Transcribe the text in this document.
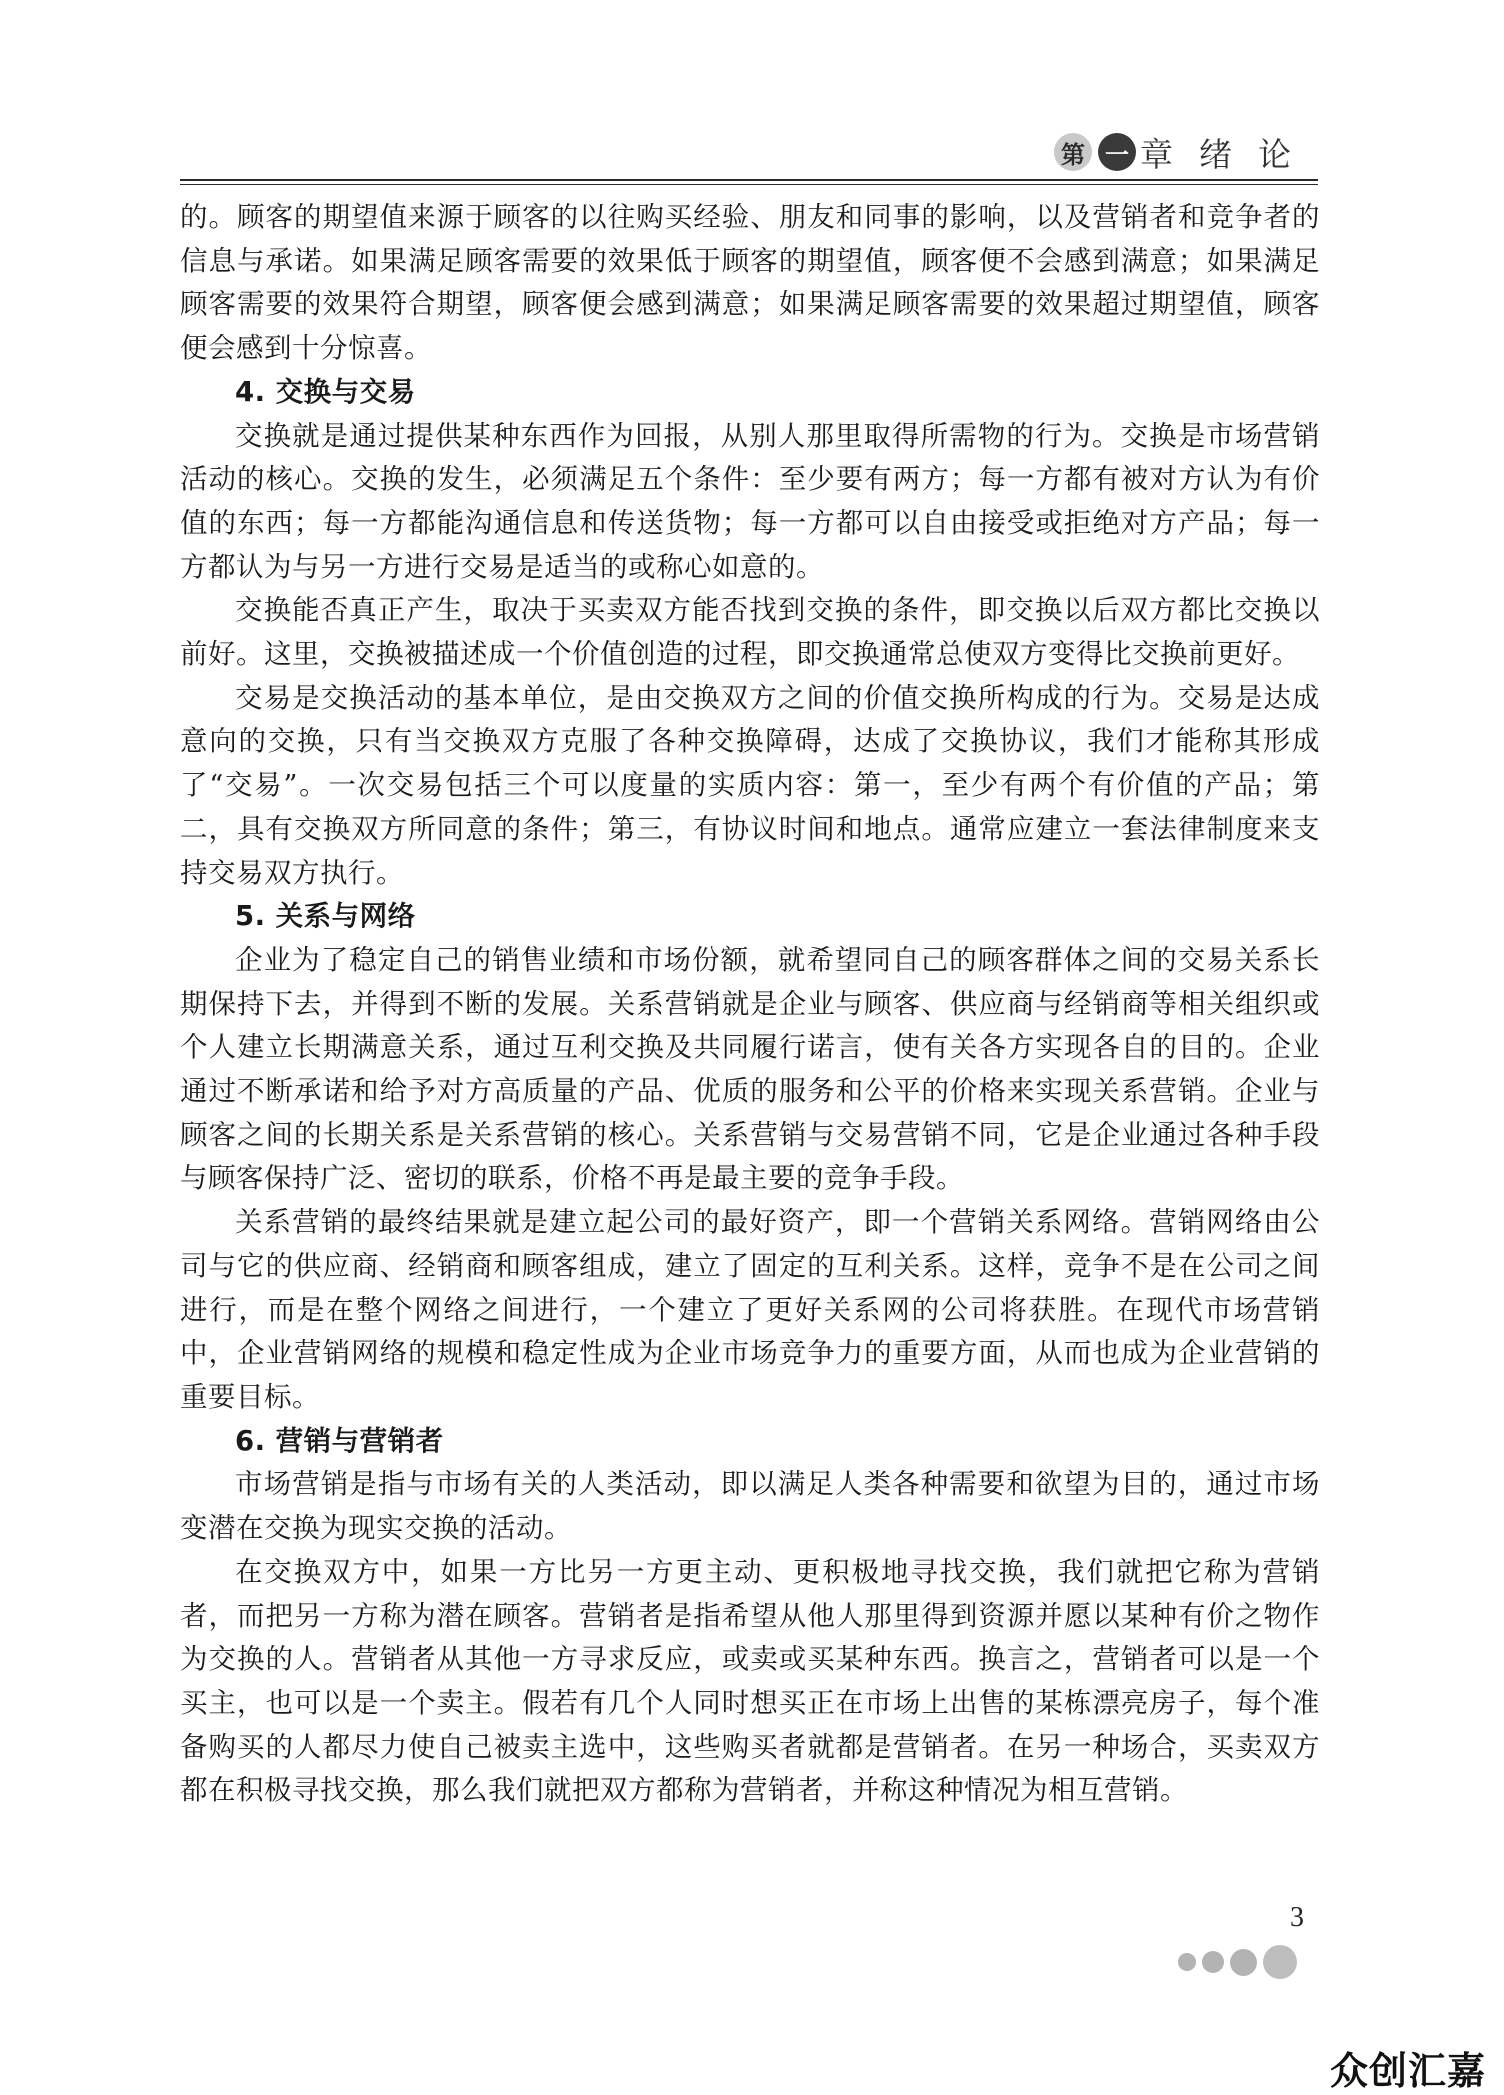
第 一 章 绪 论

的。顾客的期望值来源于顾客的以往购买经验、朋友和同事的影响，以及营销者和竞争者的信息与承诺。如果满足顾客需要的效果低于顾客的期望值，顾客便不会感到满意；如果满足顾客需要的效果符合期望，顾客便会感到满意；如果满足顾客需要的效果超过期望值，顾客便会感到十分惊喜。

4. 交换与交易

交换就是通过提供某种东西作为回报，从别人那里取得所需物的行为。交换是市场营销活动的核心。交换的发生，必须满足五个条件：至少要有两方；每一方都有被对方认为有价值的东西；每一方都能沟通信息和传送货物；每一方都可以自由接受或拒绝对方产品；每一方都认为与另一方进行交易是适当的或称心如意的。

交换能否真正产生，取决于买卖双方能否找到交换的条件，即交换以后双方都比交换以前好。这里，交换被描述成一个价值创造的过程，即交换通常总使双方变得比交换前更好。

交易是交换活动的基本单位，是由交换双方之间的价值交换所构成的行为。交易是达成意向的交换，只有当交换双方克服了各种交换障碍，达成了交换协议，我们才能称其形成了“交易”。一次交易包括三个可以度量的实质内容：第一，至少有两个有价值的产品；第二，具有交换双方所同意的条件；第三，有协议时间和地点。通常应建立一套法律制度来支持交易双方执行。

5. 关系与网络

企业为了稳定自己的销售业绩和市场份额，就希望同自己的顾客群体之间的交易关系长期保持下去，并得到不断的发展。关系营销就是企业与顾客、供应商与经销商等相关组织或个人建立长期满意关系，通过互利交换及共同履行诺言，使有关各方实现各自的目的。企业通过不断承诺和给予对方高质量的产品、优质的服务和公平的价格来实现关系营销。企业与顾客之间的长期关系是关系营销的核心。关系营销与交易营销不同，它是企业通过各种手段与顾客保持广泛、密切的联系，价格不再是最主要的竞争手段。

关系营销的最终结果就是建立起公司的最好资产，即一个营销关系网络。营销网络由公司与它的供应商、经销商和顾客组成，建立了固定的互利关系。这样，竞争不是在公司之间进行，而是在整个网络之间进行，一个建立了更好关系网的公司将获胜。在现代市场营销中，企业营销网络的规模和稳定性成为企业市场竞争力的重要方面，从而也成为企业营销的重要目标。

6. 营销与营销者

市场营销是指与市场有关的人类活动，即以满足人类各种需要和欲望为目的，通过市场变潜在交换为现实交换的活动。

在交换双方中，如果一方比另一方更主动、更积极地寻找交换，我们就把它称为营销者，而把另一方称为潜在顾客。营销者是指希望从他人那里得到资源并愿以某种有价之物作为交换的人。营销者从其他一方寻求反应，或卖或买某种东西。换言之，营销者可以是一个买主，也可以是一个卖主。假若有几个人同时想买正在市场上出售的某栋漂亮房子，每个准备购买的人都尽力使自己被卖主选中，这些购买者就都是营销者。在另一种场合，买卖双方都在积极寻找交换，那么我们就把双方都称为营销者，并称这种情况为相互营销。

3
众创汇嘉
